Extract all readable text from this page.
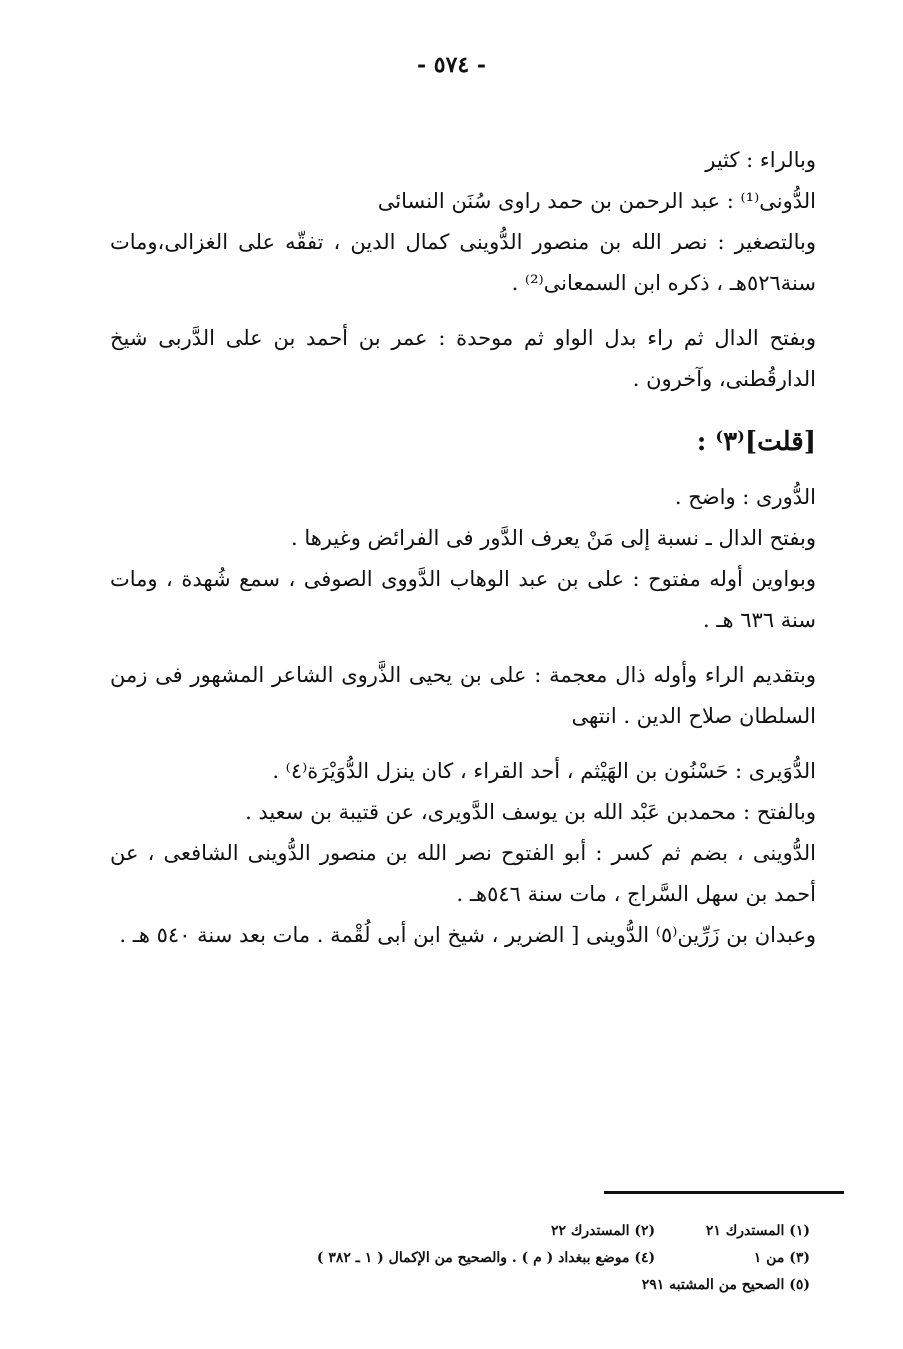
- ٥٧٤ -

وبالراء : كثير

الدُّونى⁽¹⁾ : عبد الرحمن بن حمد راوى سُنَن النسائى

وبالتصغير : نصر الله بن منصور الدُّوينى كمال الدين ، تفقّه على الغزالى،ومات سنة٥٢٦هـ ، ذكره ابن السمعانى⁽²⁾ .

وبفتح الدال ثم راء بدل الواو ثم موحدة : عمر بن أحمد بن على الدَّربى شيخ الدارقُطنى، وآخرون .

[قلت]⁽٣⁾ :

الدُّورى : واضح .

وبفتح الدال ـ نسبة إلى مَنْ يعرف الدَّور فى الفرائض وغيرها .

وبواوين أوله مفتوح : على بن عبد الوهاب الدَّووى الصوفى ، سمع شُهدة ، ومات سنة ٦٣٦ هـ .

وبتقديم الراء وأوله ذال معجمة : على بن يحيى الذَّروى الشاعر المشهور فى زمن السلطان صلاح الدين . انتهى

الدُّوَيرى : حَسْنُون بن الهَيْثم ، أحد القراء ، كان ينزل الدُّوَيْرَة⁽٤⁾ .

وبالفتح : محمدبن عَبْد الله بن يوسف الدَّويرى، عن قتيبة بن سعيد .

الدُّوينى ، بضم ثم كسر : أبو الفتوح نصر الله بن منصور الدُّوينى الشافعى ، عن أحمد بن سهل السَّراج ، مات سنة ٥٤٦هـ .

وعبدان بن زَرِّين⁽٥⁾ الدُّوينى [ الضرير ، شيخ ابن أبى لُقْمة . مات بعد سنة ٥٤٠ هـ .

(١) المستدرك ٢١ (٢) المستدرك ٢٢

(٣) من ١ (٤) موضع ببغداد ( م ) . والصحيح من الإكمال ( ١ ـ ٣٨٢ )

(٥) الصحيح من المشتبه ٢٩١
